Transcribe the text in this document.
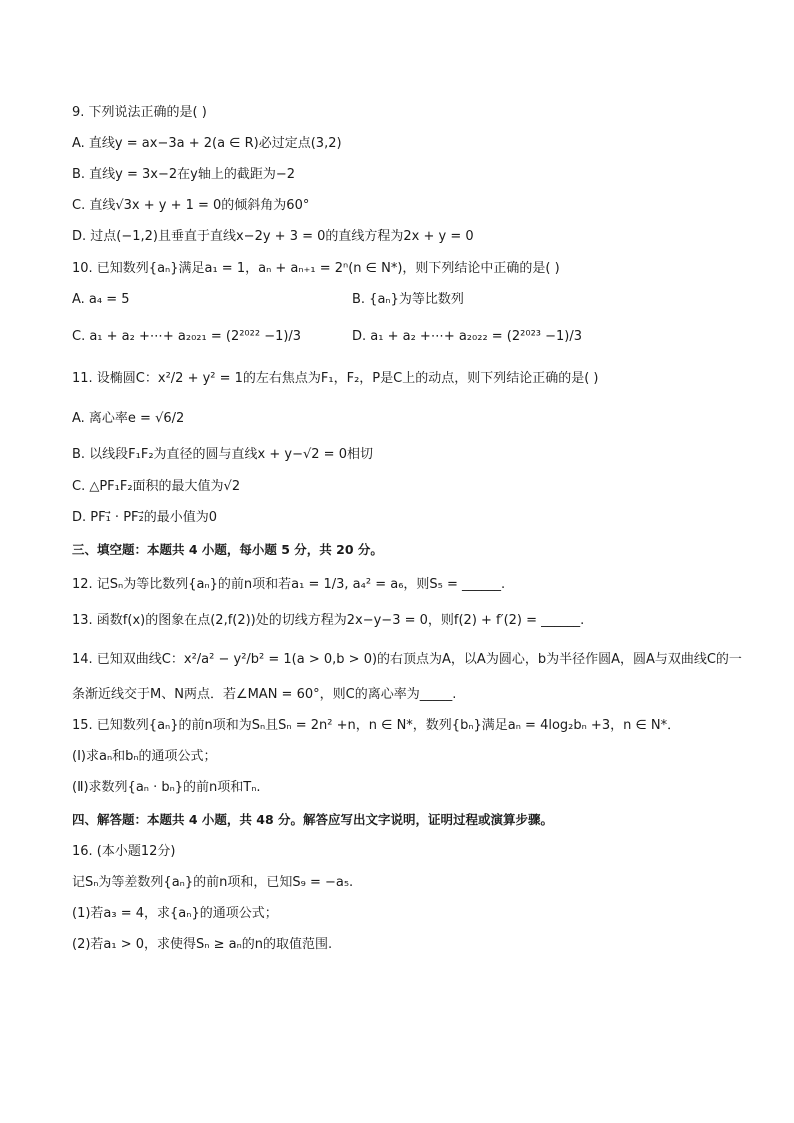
9. 下列说法正确的是( )
A. 直线y = ax−3a + 2(a ∈ R)必过定点(3,2)
B. 直线y = 3x−2在y轴上的截距为−2
C. 直线√3x + y + 1 = 0的倾斜角为60°
D. 过点(−1,2)且垂直于直线x−2y + 3 = 0的直线方程为2x + y = 0
10. 已知数列{aₙ}满足a₁ = 1，aₙ + aₙ₊₁ = 2ⁿ(n ∈ N*)，则下列结论中正确的是( )
A. a₄ = 5	B. {aₙ}为等比数列
C. a₁ + a₂ +⋯+ a₂₀₂₁ = (2²⁰²² −1)/3	D. a₁ + a₂ +⋯+ a₂₀₂₂ = (2²⁰²³ −1)/3
11. 设椭圆C：x²/2 + y² = 1的左右焦点为F₁，F₂，P是C上的动点，则下列结论正确的是( )
A. 离心率e = √6/2
B. 以线段F₁F₂为直径的圆与直线x + y−√2 = 0相切
C. △PF₁F₂面积的最大值为√2
D. PF₁⃗ · PF₂⃗的最小值为0
三、填空题：本题共 4 小题，每小题 5 分，共 20 分。
12. 记Sₙ为等比数列{aₙ}的前n项和若a₁ = 1/3, a₄² = a₆，则S₅ = ______.
13. 函数f(x)的图象在点(2,f(2))处的切线方程为2x−y−3 = 0，则f(2) + f′(2) = ______.
14. 已知双曲线C：x²/a² − y²/b² = 1(a > 0,b > 0)的右顶点为A，以A为圆心，b为半径作圆A，圆A与双曲线C的一
条渐近线交于M、N两点．若∠MAN = 60°，则C的离心率为_____.
15. 已知数列{aₙ}的前n项和为Sₙ且Sₙ = 2n² +n，n ∈ N*，数列{bₙ}满足aₙ = 4log₂bₙ +3，n ∈ N*．
(Ⅰ)求aₙ和bₙ的通项公式；
(Ⅱ)求数列{aₙ · bₙ}的前n项和Tₙ.
四、解答题：本题共 4 小题，共 48 分。解答应写出文字说明，证明过程或演算步骤。
16. (本小题12分)
记Sₙ为等差数列{aₙ}的前n项和，已知S₉ = −a₅.
(1)若a₃ = 4，求{aₙ}的通项公式；
(2)若a₁ > 0，求使得Sₙ ≥ aₙ的n的取值范围.
